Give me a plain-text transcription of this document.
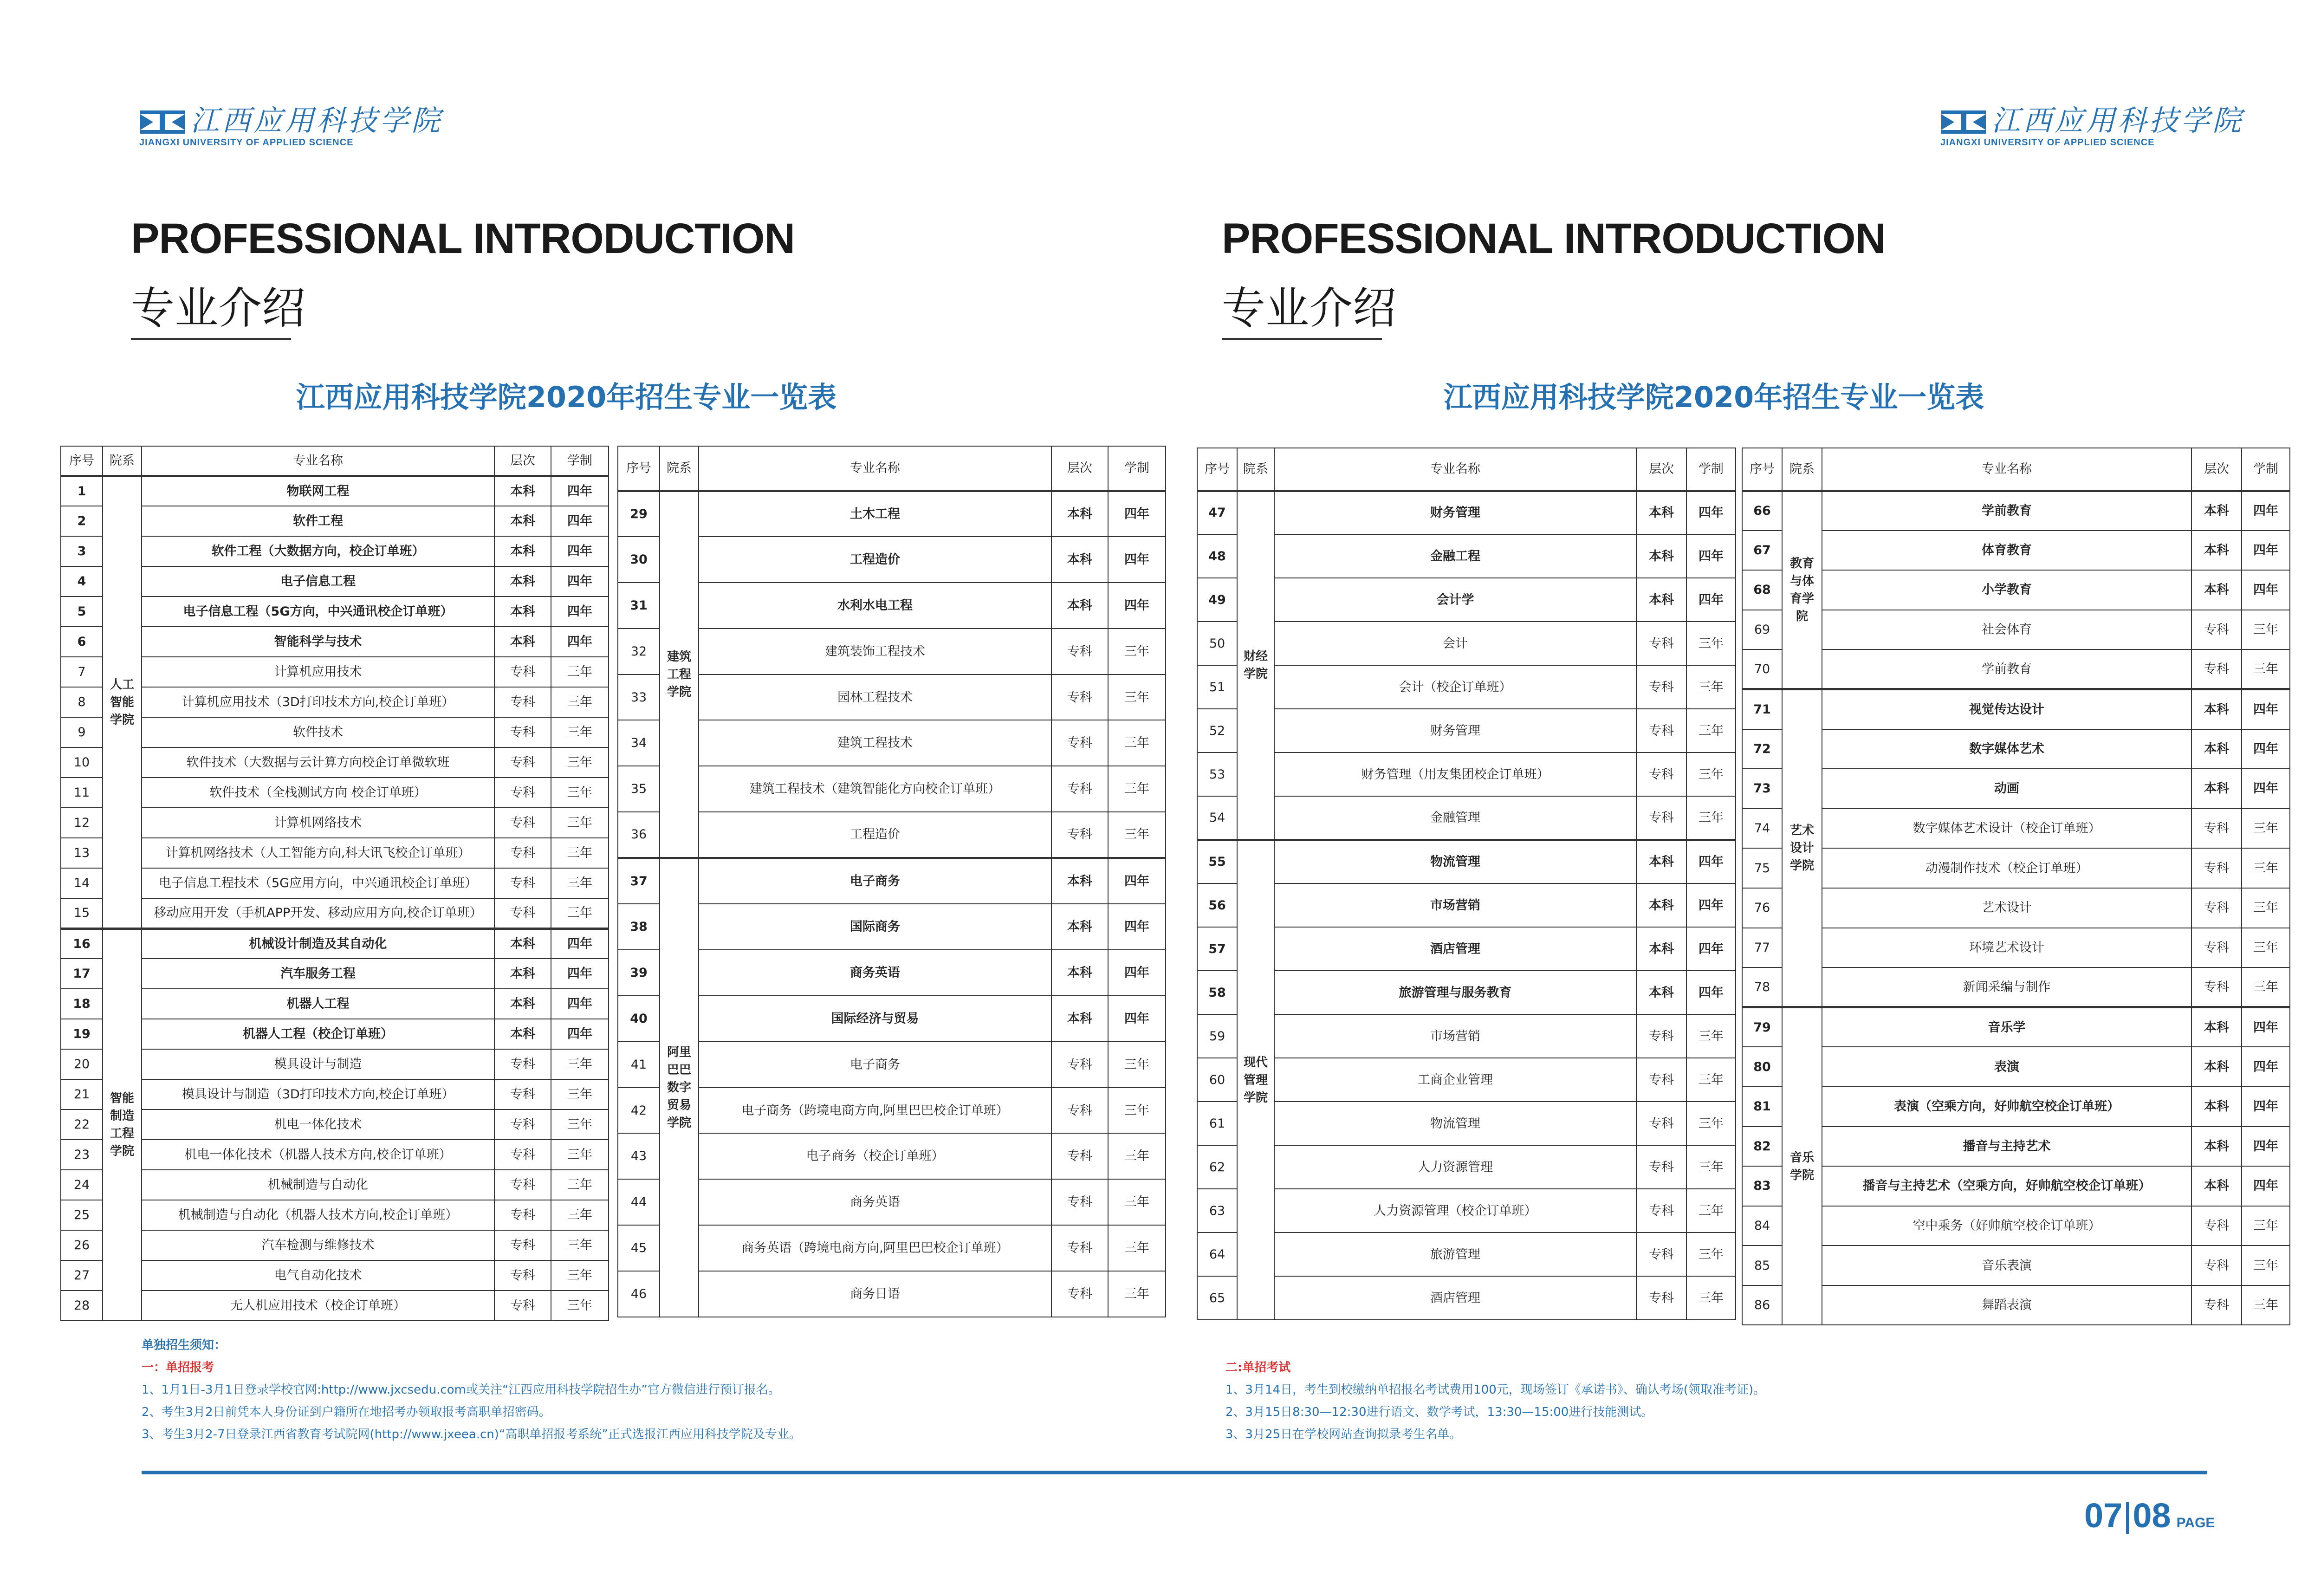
江西应用科技学院
JIANGXI UNIVERSITY OF APPLIED SCIENCE
PROFESSIONAL INTRODUCTION
专业介绍
江西应用科技学院2020年招生专业一览表
江西应用科技学院
JIANGXI UNIVERSITY OF APPLIED SCIENCE
PROFESSIONAL INTRODUCTION
专业介绍
江西应用科技学院2020年招生专业一览表
序号	院系	专业名称	层次	学制
1	人工智能学院	物联网工程	本科	四年
2		软件工程	本科	四年
3		软件工程（大数据方向，校企订单班）	本科	四年
4		电子信息工程	本科	四年
5		电子信息工程（5G方向，中兴通讯校企订单班）	本科	四年
6		智能科学与技术	本科	四年
7		计算机应用技术	专科	三年
8		计算机应用技术（3D打印技术方向,校企订单班）	专科	三年
9		软件技术	专科	三年
10		软件技术（大数据与云计算方向校企订单微软班	专科	三年
11		软件技术（全栈测试方向 校企订单班）	专科	三年
12		计算机网络技术	专科	三年
13		计算机网络技术（人工智能方向,科大讯飞校企订单班）	专科	三年
14		电子信息工程技术（5G应用方向，中兴通讯校企订单班）	专科	三年
15		移动应用开发（手机APP开发、移动应用方向,校企订单班）	专科	三年
16	智能制造工程学院	机械设计制造及其自动化	本科	四年
17		汽车服务工程	本科	四年
18		机器人工程	本科	四年
19		机器人工程（校企订单班）	本科	四年
20		模具设计与制造	专科	三年
21		模具设计与制造（3D打印技术方向,校企订单班）	专科	三年
22		机电一体化技术	专科	三年
23		机电一体化技术（机器人技术方向,校企订单班）	专科	三年
24		机械制造与自动化	专科	三年
25		机械制造与自动化（机器人技术方向,校企订单班）	专科	三年
26		汽车检测与维修技术	专科	三年
27		电气自动化技术	专科	三年
28		无人机应用技术（校企订单班）	专科	三年
序号	院系	专业名称	层次	学制
29	建筑工程学院	土木工程	本科	四年
30		工程造价	本科	四年
31		水利水电工程	本科	四年
32		建筑装饰工程技术	专科	三年
33		园林工程技术	专科	三年
34		建筑工程技术	专科	三年
35		建筑工程技术（建筑智能化方向校企订单班）	专科	三年
36		工程造价	专科	三年
37	阿里巴巴数字贸易学院	电子商务	本科	四年
38		国际商务	本科	四年
39		商务英语	本科	四年
40		国际经济与贸易	本科	四年
41		电子商务	专科	三年
42		电子商务（跨境电商方向,阿里巴巴校企订单班）	专科	三年
43		电子商务（校企订单班）	专科	三年
44		商务英语	专科	三年
45		商务英语（跨境电商方向,阿里巴巴校企订单班）	专科	三年
46		商务日语	专科	三年
序号	院系	专业名称	层次	学制
47	财经学院	财务管理	本科	四年
48		金融工程	本科	四年
49		会计学	本科	四年
50		会计	专科	三年
51		会计（校企订单班）	专科	三年
52		财务管理	专科	三年
53		财务管理（用友集团校企订单班）	专科	三年
54		金融管理	专科	三年
55	现代管理学院	物流管理	本科	四年
56		市场营销	本科	四年
57		酒店管理	本科	四年
58		旅游管理与服务教育	本科	四年
59		市场营销	专科	三年
60		工商企业管理	专科	三年
61		物流管理	专科	三年
62		人力资源管理	专科	三年
63		人力资源管理（校企订单班）	专科	三年
64		旅游管理	专科	三年
65		酒店管理	专科	三年
序号	院系	专业名称	层次	学制
66	教育与体育学院	学前教育	本科	四年
67		体育教育	本科	四年
68		小学教育	本科	四年
69		社会体育	专科	三年
70		学前教育	专科	三年
71	艺术设计学院	视觉传达设计	本科	四年
72		数字媒体艺术	本科	四年
73		动画	本科	四年
74		数字媒体艺术设计（校企订单班）	专科	三年
75		动漫制作技术（校企订单班）	专科	三年
76		艺术设计	专科	三年
77		环境艺术设计	专科	三年
78		新闻采编与制作	专科	三年
79	音乐学院	音乐学	本科	四年
80		表演	本科	四年
81		表演（空乘方向，好帅航空校企订单班）	本科	四年
82		播音与主持艺术	本科	四年
83		播音与主持艺术（空乘方向，好帅航空校企订单班）	本科	四年
84		空中乘务（好帅航空校企订单班）	专科	三年
85		音乐表演	专科	三年
86		舞蹈表演	专科	三年
单独招生须知：
一：单招报考
1、1月1日-3月1日登录学校官网:http://www.jxcsedu.com或关注“江西应用科技学院招生办”官方微信进行预订报名。
2、考生3月2日前凭本人身份证到户籍所在地招考办领取报考高职单招密码。
3、考生3月2-7日登录江西省教育考试院网(http://www.jxeea.cn)“高职单招报考系统”正式选报江西应用科技学院及专业。
二:单招考试
1、3月14日，考生到校缴纳单招报名考试费用100元，现场签订《承诺书》、确认考场(领取准考证)。
2、3月15日8:30—12:30进行语文、数学考试，13:30—15:00进行技能测试。
3、3月25日在学校网站查询拟录考生名单。
07 08 PAGE
